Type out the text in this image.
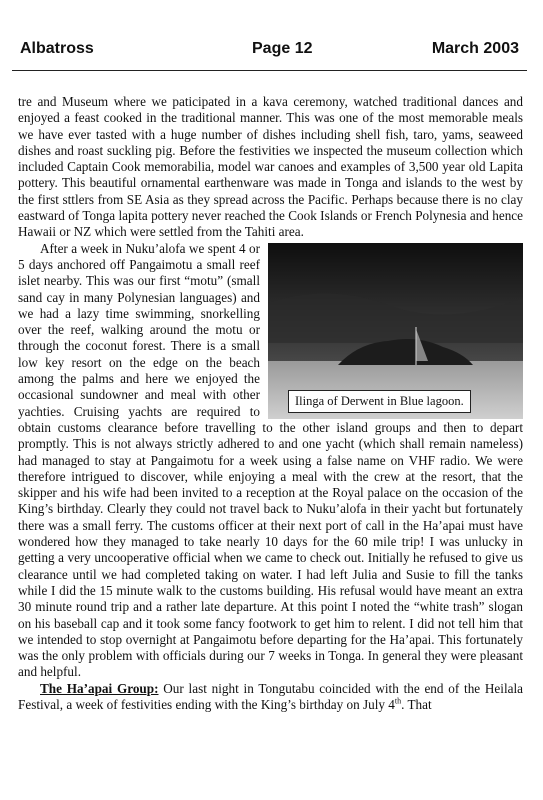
Albatross	Page 12	March 2003

tre and Museum where we paticipated in a kava ceremony, watched traditional dances and enjoyed a feast cooked in the traditional manner. This was one of the most memorable meals we have ever tasted with a huge number of dishes including shell fish, taro, yams, seaweed dishes and roast suckling pig. Before the festivities we inspected the museum collection which included Captain Cook memorabilia, model war canoes and examples of 3,500 year old Lapita pottery. This beautiful ornamental earthenware was made in Tonga and islands to the west by the first sttlers from SE Asia as they spread across the Pacific. Perhaps because there is no clay eastward of Tonga lapita pottery never reached the Cook Islands or French Polynesia and hence Hawaii or NZ which were settled from the Tahiti area.

Ilinga of Derwent in Blue lagoon.

After a week in Nuku’alofa we spent 4 or 5 days anchored off Pangaimotu a small reef islet nearby. This was our first “motu” (small sand cay in many Polynesian languages) and we had a lazy time swimming, snorkelling over the reef, walking around the motu or through the coconut forest. There is a small low key resort on the edge on the beach among the palms and here we enjoyed the occasional sundowner and meal with other yachties. Cruising yachts are required to obtain customs clearance before travelling to the other island groups and then to depart promptly. This is not always strictly adhered to and one yacht (which shall remain nameless) had managed to stay at Pangaimotu for a week using a false name on VHF radio. We were therefore intrigued to discover, while enjoying a meal with the crew at the resort, that the skipper and his wife had been invited to a reception at the Royal palace on the occasion of the King’s birthday. Clearly they could not travel back to Nuku’alofa in their yacht but fortunately there was a small ferry. The customs officer at their next port of call in the Ha’apai must have wondered how they managed to take nearly 10 days for the 60 mile trip! I was unlucky in getting a very uncooperative official when we came to check out. Initially he refused to give us clearance until we had completed taking on water. I had left Julia and Susie to fill the tanks while I did the 15 minute walk to the customs building. His refusal would have meant an extra 30 minute round trip and a rather late departure. At this point I noted the “white trash” slogan on his baseball cap and it took some fancy footwork to get him to relent. I did not tell him that we intended to stop overnight at Pangaimotu before departing for the Ha’apai. This fortunately was the only problem with officials during our 7 weeks in Tonga. In general they were pleasant and helpful.

The Ha’apai Group: Our last night in Tongutabu coincided with the end of the Heilala Festival, a week of festivities ending with the King’s birthday on July 4th. That
